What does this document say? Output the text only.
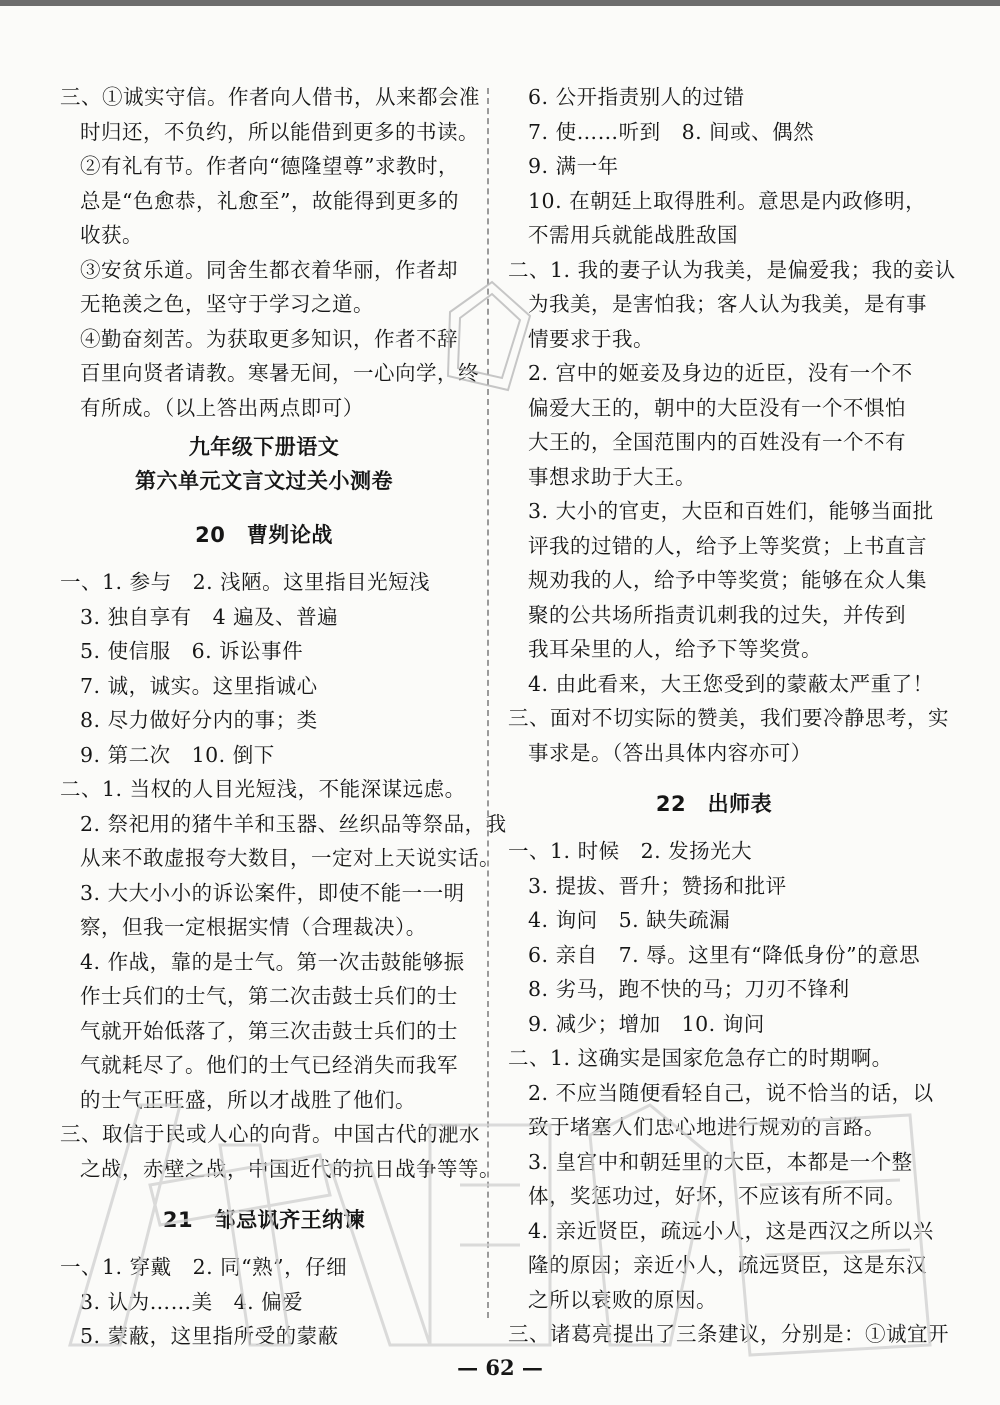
三、①诚实守信。作者向人借书，从来都会准
时归还，不负约，所以能借到更多的书读。
②有礼有节。作者向“德隆望尊”求教时，
总是“色愈恭，礼愈至”，故能得到更多的
收获。
③安贫乐道。同舍生都衣着华丽，作者却
无艳羡之色，坚守于学习之道。
④勤奋刻苦。为获取更多知识，作者不辞
百里向贤者请教。寒暑无间，一心向学，终
有所成。（以上答出两点即可）
九年级下册语文
第六单元文言文过关小测卷
20　曹刿论战
一、1. 参与　2. 浅陋。这里指目光短浅
3. 独自享有　4 遍及、普遍
5. 使信服　6. 诉讼事件
7. 诚，诚实。这里指诚心
8. 尽力做好分内的事；类
9. 第二次　10. 倒下
二、1. 当权的人目光短浅，不能深谋远虑。
2. 祭祀用的猪牛羊和玉器、丝织品等祭品，我
从来不敢虚报夸大数目，一定对上天说实话。
3. 大大小小的诉讼案件，即使不能一一明
察，但我一定根据实情（合理裁决）。
4. 作战，靠的是士气。第一次击鼓能够振
作士兵们的士气，第二次击鼓士兵们的士
气就开始低落了，第三次击鼓士兵们的士
气就耗尽了。他们的士气已经消失而我军
的士气正旺盛，所以才战胜了他们。
三、取信于民或人心的向背。中国古代的淝水
之战，赤壁之战，中国近代的抗日战争等等。
21　邹忌讽齐王纳谏
一、1. 穿戴　2. 同“熟”，仔细
3. 认为……美　4. 偏爱
5. 蒙蔽，这里指所受的蒙蔽
6. 公开指责别人的过错
7. 使……听到　8. 间或、偶然
9. 满一年
10. 在朝廷上取得胜利。意思是内政修明，
不需用兵就能战胜敌国
二、1. 我的妻子认为我美，是偏爱我；我的妾认
为我美，是害怕我；客人认为我美，是有事
情要求于我。
2. 宫中的姬妾及身边的近臣，没有一个不
偏爱大王的，朝中的大臣没有一个不惧怕
大王的，全国范围内的百姓没有一个不有
事想求助于大王。
3. 大小的官吏，大臣和百姓们，能够当面批
评我的过错的人，给予上等奖赏；上书直言
规劝我的人，给予中等奖赏；能够在众人集
聚的公共场所指责讥刺我的过失，并传到
我耳朵里的人，给予下等奖赏。
4. 由此看来，大王您受到的蒙蔽太严重了！
三、面对不切实际的赞美，我们要冷静思考，实
事求是。（答出具体内容亦可）
22　出师表
一、1. 时候　2. 发扬光大
3. 提拔、晋升；赞扬和批评
4. 询问　5. 缺失疏漏
6. 亲自　7. 辱。这里有“降低身份”的意思
8. 劣马，跑不快的马；刀刃不锋利
9. 减少；增加　10. 询问
二、1. 这确实是国家危急存亡的时期啊。
2. 不应当随便看轻自己，说不恰当的话，以
致于堵塞人们忠心地进行规劝的言路。
3. 皇宫中和朝廷里的大臣，本都是一个整
体，奖惩功过，好坏，不应该有所不同。
4. 亲近贤臣，疏远小人，这是西汉之所以兴
隆的原因；亲近小人，疏远贤臣，这是东汉
之所以衰败的原因。
三、诸葛亮提出了三条建议，分别是：①诚宜开
— 62 —
